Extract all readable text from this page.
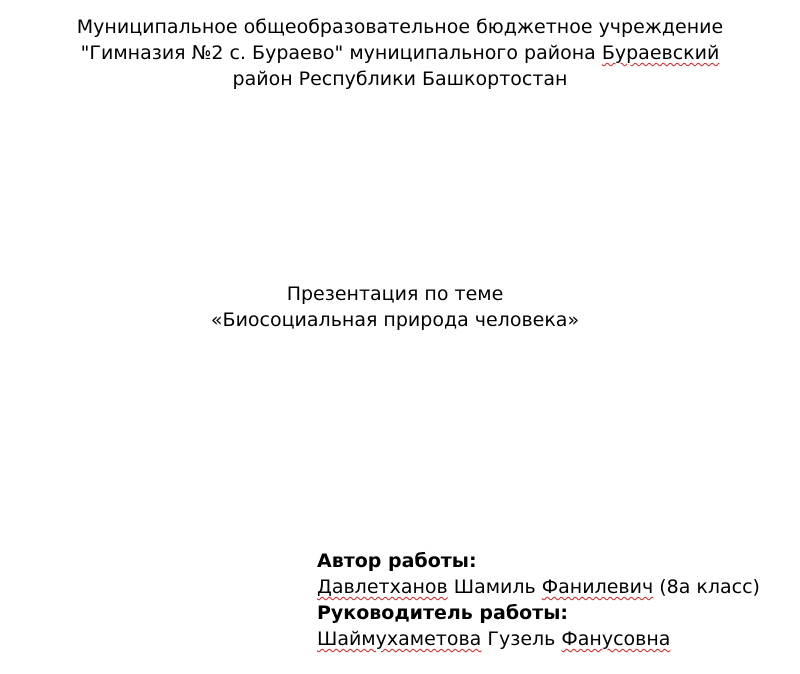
Муниципальное общеобразовательное бюджетное учреждение
"Гимназия №2 с. Бураево" муниципального района Бураевский
район Республики Башкортостан
Презентация по теме
«Биосоциальная природа человека»
Автор работы:
Давлетханов Шамиль Фанилевич (8а класс)
Руководитель работы:
Шаймухаметова Гузель Фанусовна
